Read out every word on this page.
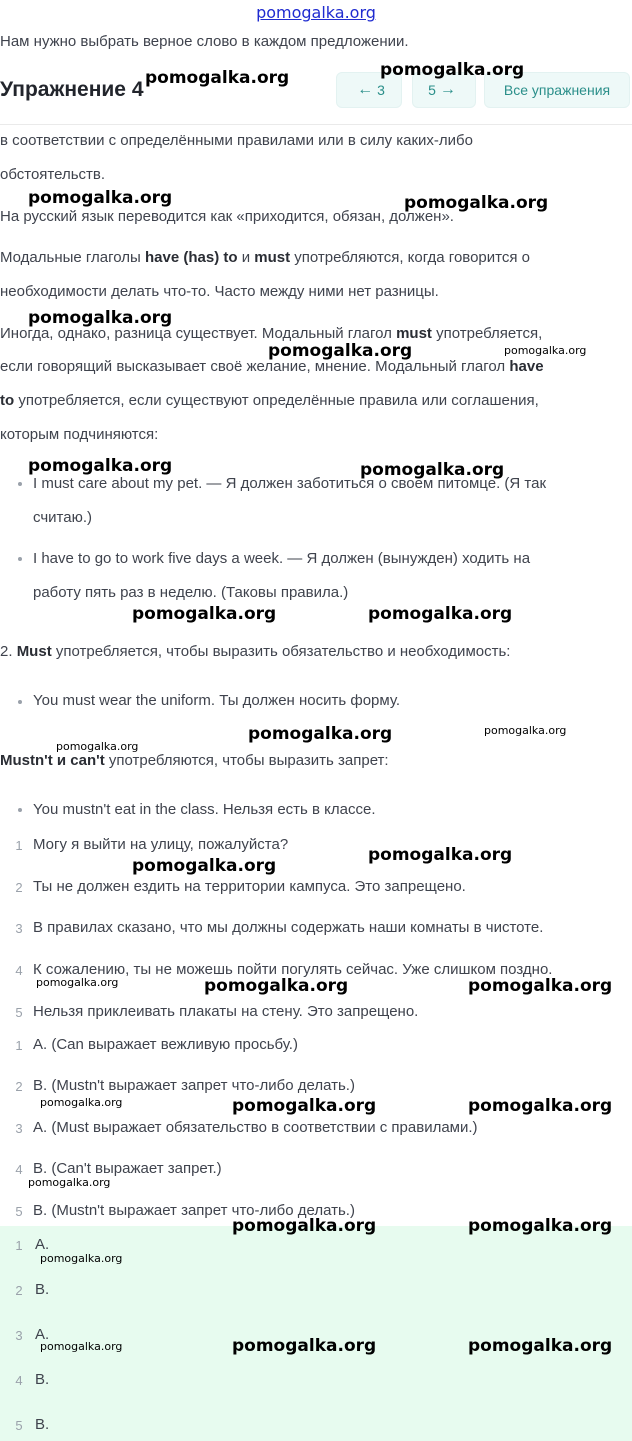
pomogalka.org
Нам нужно выбрать верное слово в каждом предложении.
Упражнение 4	← 3	5 →	Все упражнения
в соответствии с определёнными правилами или в силу каких-либо
обстоятельств.
На русский язык переводится как «приходится, обязан, должен».
Модальные глаголы have (has) to и must употребляются, когда говорится о
необходимости делать что-то. Часто между ними нет разницы.
Иногда, однако, разница существует. Модальный глагол must употребляется,
если говорящий высказывает своё желание, мнение. Модальный глагол have
to употребляется, если существуют определённые правила или соглашения,
которым подчиняются:
I must care about my pet. — Я должен заботиться о своем питомце. (Я так
считаю.)
I have to go to work five days a week. — Я должен (вынужден) ходить на
работу пять раз в неделю. (Таковы правила.)
2. Must употребляется, чтобы выразить обязательство и необходимость:
You must wear the uniform. Ты должен носить форму.
Mustn't и can't употребляются, чтобы выразить запрет:
You mustn't eat in the class. Нельзя есть в классе.
1 Могу я выйти на улицу, пожалуйста?
2 Ты не должен ездить на территории кампуса. Это запрещено.
3 В правилах сказано, что мы должны содержать наши комнаты в чистоте.
4 К сожалению, ты не можешь пойти погулять сейчас. Уже слишком поздно.
5 Нельзя приклеивать плакаты на стену. Это запрещено.
1 A. (Can выражает вежливую просьбу.)
2 B. (Mustn't выражает запрет что-либо делать.)
3 A. (Must выражает обязательство в соответствии с правилами.)
4 B. (Can't выражает запрет.)
5 B. (Mustn't выражает запрет что-либо делать.)
1 A.
2 B.
3 A.
4 B.
5 B.
pomogalka.org	pomogalka.org
pomogalka.org	pomogalka.org
pomogalka.org
pomogalka.org	pomogalka.org
pomogalka.org	pomogalka.org
pomogalka.org	pomogalka.org
pomogalka.org	pomogalka.org
pomogalka.org
pomogalka.org
pomogalka.org
pomogalka.org	pomogalka.org	pomogalka.org
pomogalka.org	pomogalka.org	pomogalka.org
pomogalka.org
pomogalka.org	pomogalka.org
pomogalka.org
pomogalka.org	pomogalka.org	pomogalka.org
